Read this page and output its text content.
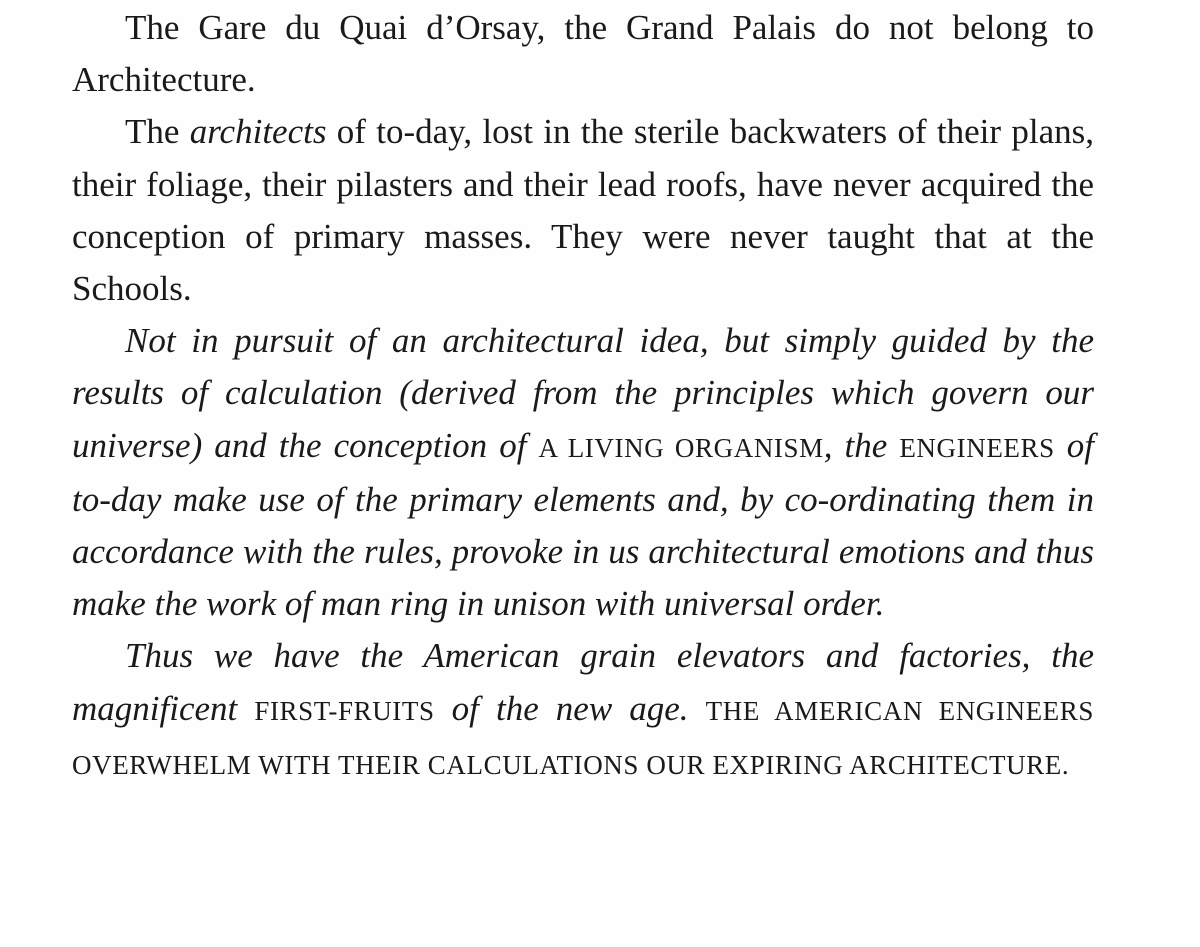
The Gare du Quai d’Orsay, the Grand Palais do not belong to Architecture.

The architects of to-day, lost in the sterile backwaters of their plans, their foliage, their pilasters and their lead roofs, have never acquired the conception of primary masses. They were never taught that at the Schools.

Not in pursuit of an architectural idea, but simply guided by the results of calculation (derived from the principles which govern our universe) and the conception of A LIVING ORGANISM, the ENGINEERS of to-day make use of the primary elements and, by co-ordinating them in accordance with the rules, provoke in us architectural emotions and thus make the work of man ring in unison with universal order.

Thus we have the American grain elevators and factories, the magnificent FIRST-FRUITS of the new age. THE AMERICAN ENGINEERS OVERWHELM WITH THEIR CALCULATIONS OUR EXPIRING ARCHITECTURE.
